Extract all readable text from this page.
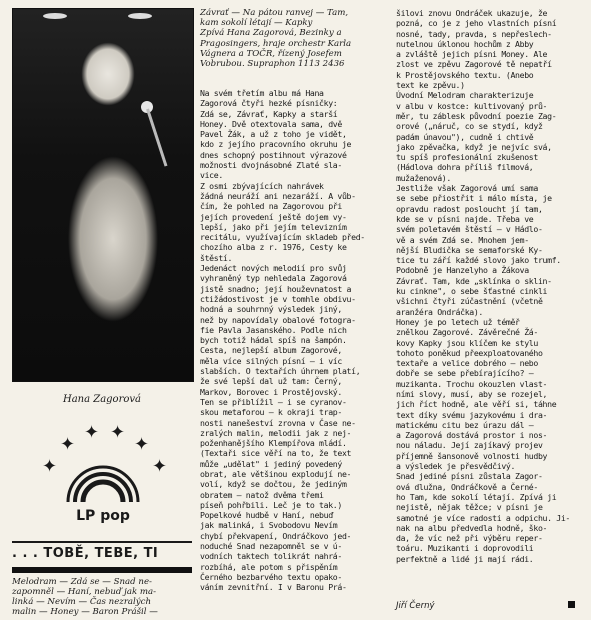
Hana Zagorová
✦
✦
✦ ✦
✦
✦
LP pop
. . . TOBĚ, TEBE, TI
Melodram — Zdá se — Snad ne-
zapomněl — Haní, nebuď jak ma-
linká — Nevím — Čas nezralých
malin — Honey — Baron Prášil —
Závrať — Na pátou ranvej — Tam,
kam sokolí létají — Kapky
Zpívá Hana Zagorová, Bezinky a
Pragosingers, hraje orchestr Karla
Vágnera a TOČR, řízený Josefem
Vobrubou. Supraphon 1113 2436
Na svém třetím albu má Hana
Zagorová čtyři hezké písničky:
Zdá se, Závrať, Kapky a starší
Honey. Dvě otextovala sama, dvě
Pavel Žák, a už z toho je vidět,
kdo z jejího pracovního okruhu je
dnes schopný postihnout výrazové
možnosti dvojnásobné Zlaté sla-
vice.
Z osmi zbývajících nahrávek
žádná neuráží ani nezaráží. A vůb-
čím, že pohled na Zagorovou při
jejích provedení ještě dojem vy-
lepší, jako při jejím televizním
recitálu, využívajícím skladeb před-
chozího alba z r. 1976, Cesty ke
štěstí.
Jedenáct nových melodií pro svůj
vyhraněný typ nehledala Zagorová
jistě snadno; její houževnatost a
ctižádostivost je v tomhle obdivu-
hodná a souhrnný výsledek jiný,
než by napovídaly obalové fotogra-
fie Pavla Jasanského. Podle nich
bych totiž hádal spíš na šampón.
Cesta, nejlepší album Zagorové,
měla více silných písní — i víc
slabších. O textařích úhrnem platí,
že své lepší dal už tam: Černý,
Markov, Borovec i Prostějovský.
Ten se přiblížil — i se cyranov-
skou metaforou — k okraji trap-
nosti nanešeství zrovna v Čase ne-
zralých malin, melodii jak z nej-
poženhanějšího Klempířova mládí.
(Textaři sice věří na to, že text
může „udělat" i jediný povedený
obrat, ale většinou explodují ne-
volí, když se dočtou, že jediným
obratem — natož dvěma třemi
píseň pohřbili. Leč je to tak.)
Popelkové hudbě v Haní, nebuď
jak malinká, i Svobodovu Nevím
chybí překvapení, Ondráčkovo jed-
noduché Snad nezapomněl se v ú-
vodních taktech tolikrát nahrá-
rozbíhá, ale potom s přispěním
Černého bezbarvého textu opako-
váním zevnitřní. I v Baronu Prá-
šilovi znovu Ondráček ukazuje, že
pozná, co je z jeho vlastních písní
nosné, tady, pravda, s nepřeslech-
nutelnou úklonou hochům z Abby
a zvláště jejich písni Money. Ale
zlost ve zpěvu Zagorové tě nepatří
k Prostějovského textu. (Anebo
text ke zpěvu.)
Úvodní Melodram charakterizuje
v albu v kostce: kultivovaný prů-
měr, tu záblesk původní poezie Zag-
orové („náruč, co se stydí, když
padám únavou"), cudně i chtivě
jako zpěvačka, když je nejvíc svá,
tu spíš profesionální zkušenost
(Hádlova dohra příliš filmová,
mužaženová).
Jestliže však Zagorová umí sama
se sebe přiostřit i málo místa, je
opravdu radost posloucht jí tam,
kde se v písni najde. Třeba ve
svém poletavém štěstí — v Hádlo-
vě a svém Zdá se. Mnohem jem-
nější Bludička se semaforské Ky-
tice tu září každé slovo jako trumf.
Podobně je Hanzelyho a Žákova
Závrať. Tam, kde „sklínka o sklin-
ku cinkne", o sebe šťastné cinkli
všichni čtyři zúčastnění (včetně
aranžéra Ondráčka).
Honey je po letech už téměř
znělkou Zagorové. Závěrečné Žá-
kovy Kapky jsou klíčem ke stylu
tohoto poněkud přeexploatovaného
textaře a velice dobrého — nebo
dobře se sebe přebírajícího? —
muzikanta. Trochu okouzlen vlast-
ními slovy, musí, aby se rozejel,
jich říct hodně, ale věří si, táhne
text díky svému jazykovému i dra-
matickému citu bez úrazu dál —
a Zagorová dostává prostor i nos-
nou náladu. Její zajíkavý projev
příjemně šansonově volnosti hudby
a výsledek je přesvědčivý.
Snad jediné písni zůstala Zagor-
ová dlužna, Ondráčkově a Černé-
ho Tam, kde sokolí létají. Zpívá ji
nejistě, nějak těžce; v písni je
samotné je více radosti a odpichu. Ji-
nak na albu předvedla hodně, ško-
da, že víc než při výběru reper-
toáru. Muzikanti i doprovodili
perfektně a lidé ji mají rádi.
Jiří Černý
